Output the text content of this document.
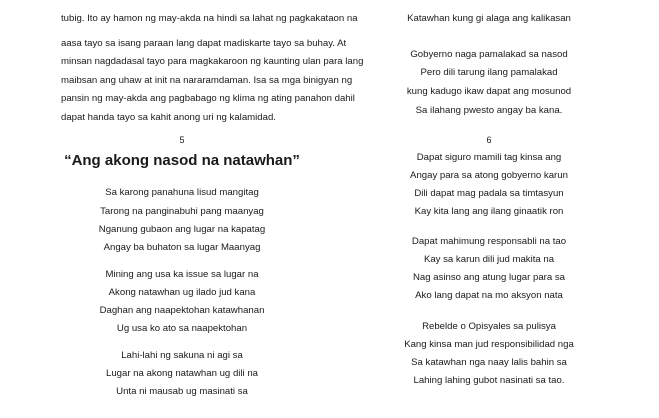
tubig. Ito ay hamon ng may-akda na hindi sa lahat ng pagkakataon na
aasa tayo sa isang paraan lang dapat madiskarte tayo sa buhay. At
minsan nagdadasal tayo para magkakaroon ng kaunting ulan para lang
maibsan ang uhaw at init na nararamdaman. Isa sa mga binigyan ng
pansin ng may-akda ang pagbabago ng klima ng ating panahon dahil
dapat handa tayo sa kahit anong uri ng kalamidad.
5
“Ang akong nasod na natawhan”
Sa karong panahuna lisud mangitag
Tarong na panginabuhi pang maanyag
Nganung gubaon ang lugar na kapatag
Angay ba buhaton sa lugar Maanyag
Mining ang usa ka issue sa lugar na
Akong natawhan ug ilado jud kana
Daghan ang naapektohan katawhanan
Ug usa ko ato sa naapektohan
Lahi-lahi ng sakuna ni agi sa
Lugar na akong natawhan ug dili na
Unta ni mausab ug masinati sa
Katawhan kung gi alaga ang kalikasan
Gobyerno naga pamalakad sa nasod
Pero dili tarung ilang pamalakad
kung kadugo ikaw dapat ang mosunod
Sa ilahang pwesto angay ba kana.
6
Dapat siguro mamili tag kinsa ang
Angay para sa atong gobyerno karun
Dili dapat mag padala sa timtasyun
Kay kita lang ang ilang ginaatik ron
Dapat mahimung responsabli na tao
Kay sa karun dili jud makita na
Nag asinso ang atung lugar para sa
Ako lang dapat na mo aksyon nata
Rebelde o Opisyales sa pulisya
Kang kinsa man jud responsibilidad nga
Sa katawhan nga naay lalis bahin sa
Lahing lahing gubot nasinati sa tao.
